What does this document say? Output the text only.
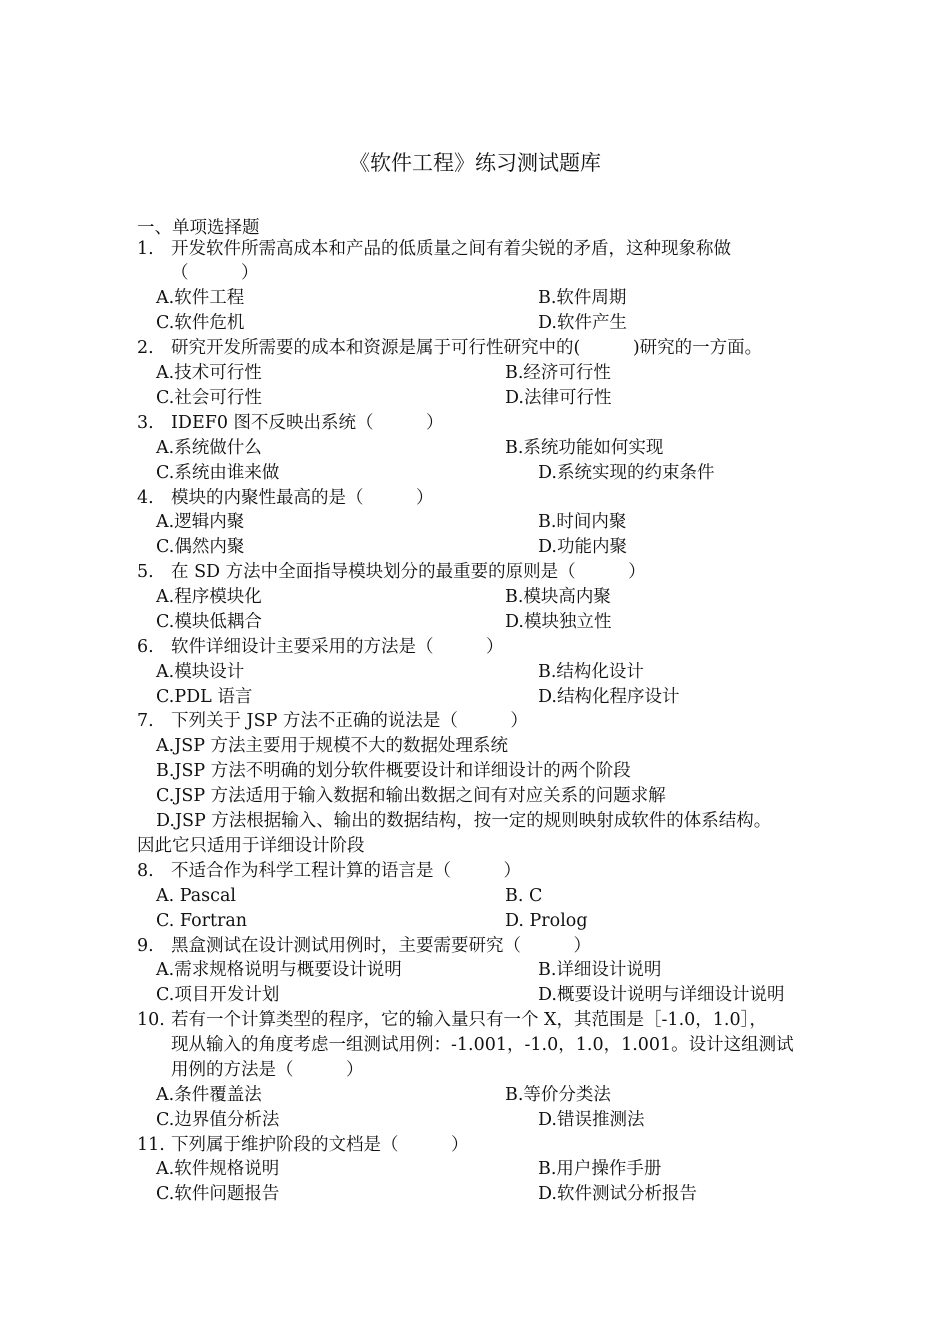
《软件工程》练习测试题库
一、单项选择题
1. 开发软件所需高成本和产品的低质量之间有着尖锐的矛盾，这种现象称做
（　　　）
A.软件工程	B.软件周期
C.软件危机	D.软件产生
2. 研究开发所需要的成本和资源是属于可行性研究中的(　　　)研究的一方面。
A.技术可行性	B.经济可行性
C.社会可行性	D.法律可行性
3. IDEF0 图不反映出系统（　　　）
A.系统做什么	B.系统功能如何实现
C.系统由谁来做	D.系统实现的约束条件
4. 模块的内聚性最高的是（　　　）
A.逻辑内聚	B.时间内聚
C.偶然内聚	D.功能内聚
5. 在 SD 方法中全面指导模块划分的最重要的原则是（　　　）
A.程序模块化	B.模块高内聚
C.模块低耦合	D.模块独立性
6. 软件详细设计主要采用的方法是（　　　）
A.模块设计	B.结构化设计
C.PDL 语言	D.结构化程序设计
7. 下列关于 JSP 方法不正确的说法是（　　　）
A.JSP 方法主要用于规模不大的数据处理系统
B.JSP 方法不明确的划分软件概要设计和详细设计的两个阶段
C.JSP 方法适用于输入数据和输出数据之间有对应关系的问题求解
D.JSP 方法根据输入、输出的数据结构，按一定的规则映射成软件的体系结构。
因此它只适用于详细设计阶段
8. 不适合作为科学工程计算的语言是（　　　）
A. Pascal	B. C
C. Fortran	D. Prolog
9. 黑盒测试在设计测试用例时，主要需要研究（　　　）
A.需求规格说明与概要设计说明	B.详细设计说明
C.项目开发计划	D.概要设计说明与详细设计说明
10. 若有一个计算类型的程序，它的输入量只有一个 X，其范围是［-1.0，1.0］，
现从输入的角度考虑一组测试用例：-1.001，-1.0，1.0，1.001。设计这组测试
用例的方法是（　　　）
A.条件覆盖法	B.等价分类法
C.边界值分析法	D.错误推测法
11. 下列属于维护阶段的文档是（　　　）
A.软件规格说明	B.用户操作手册
C.软件问题报告	D.软件测试分析报告
